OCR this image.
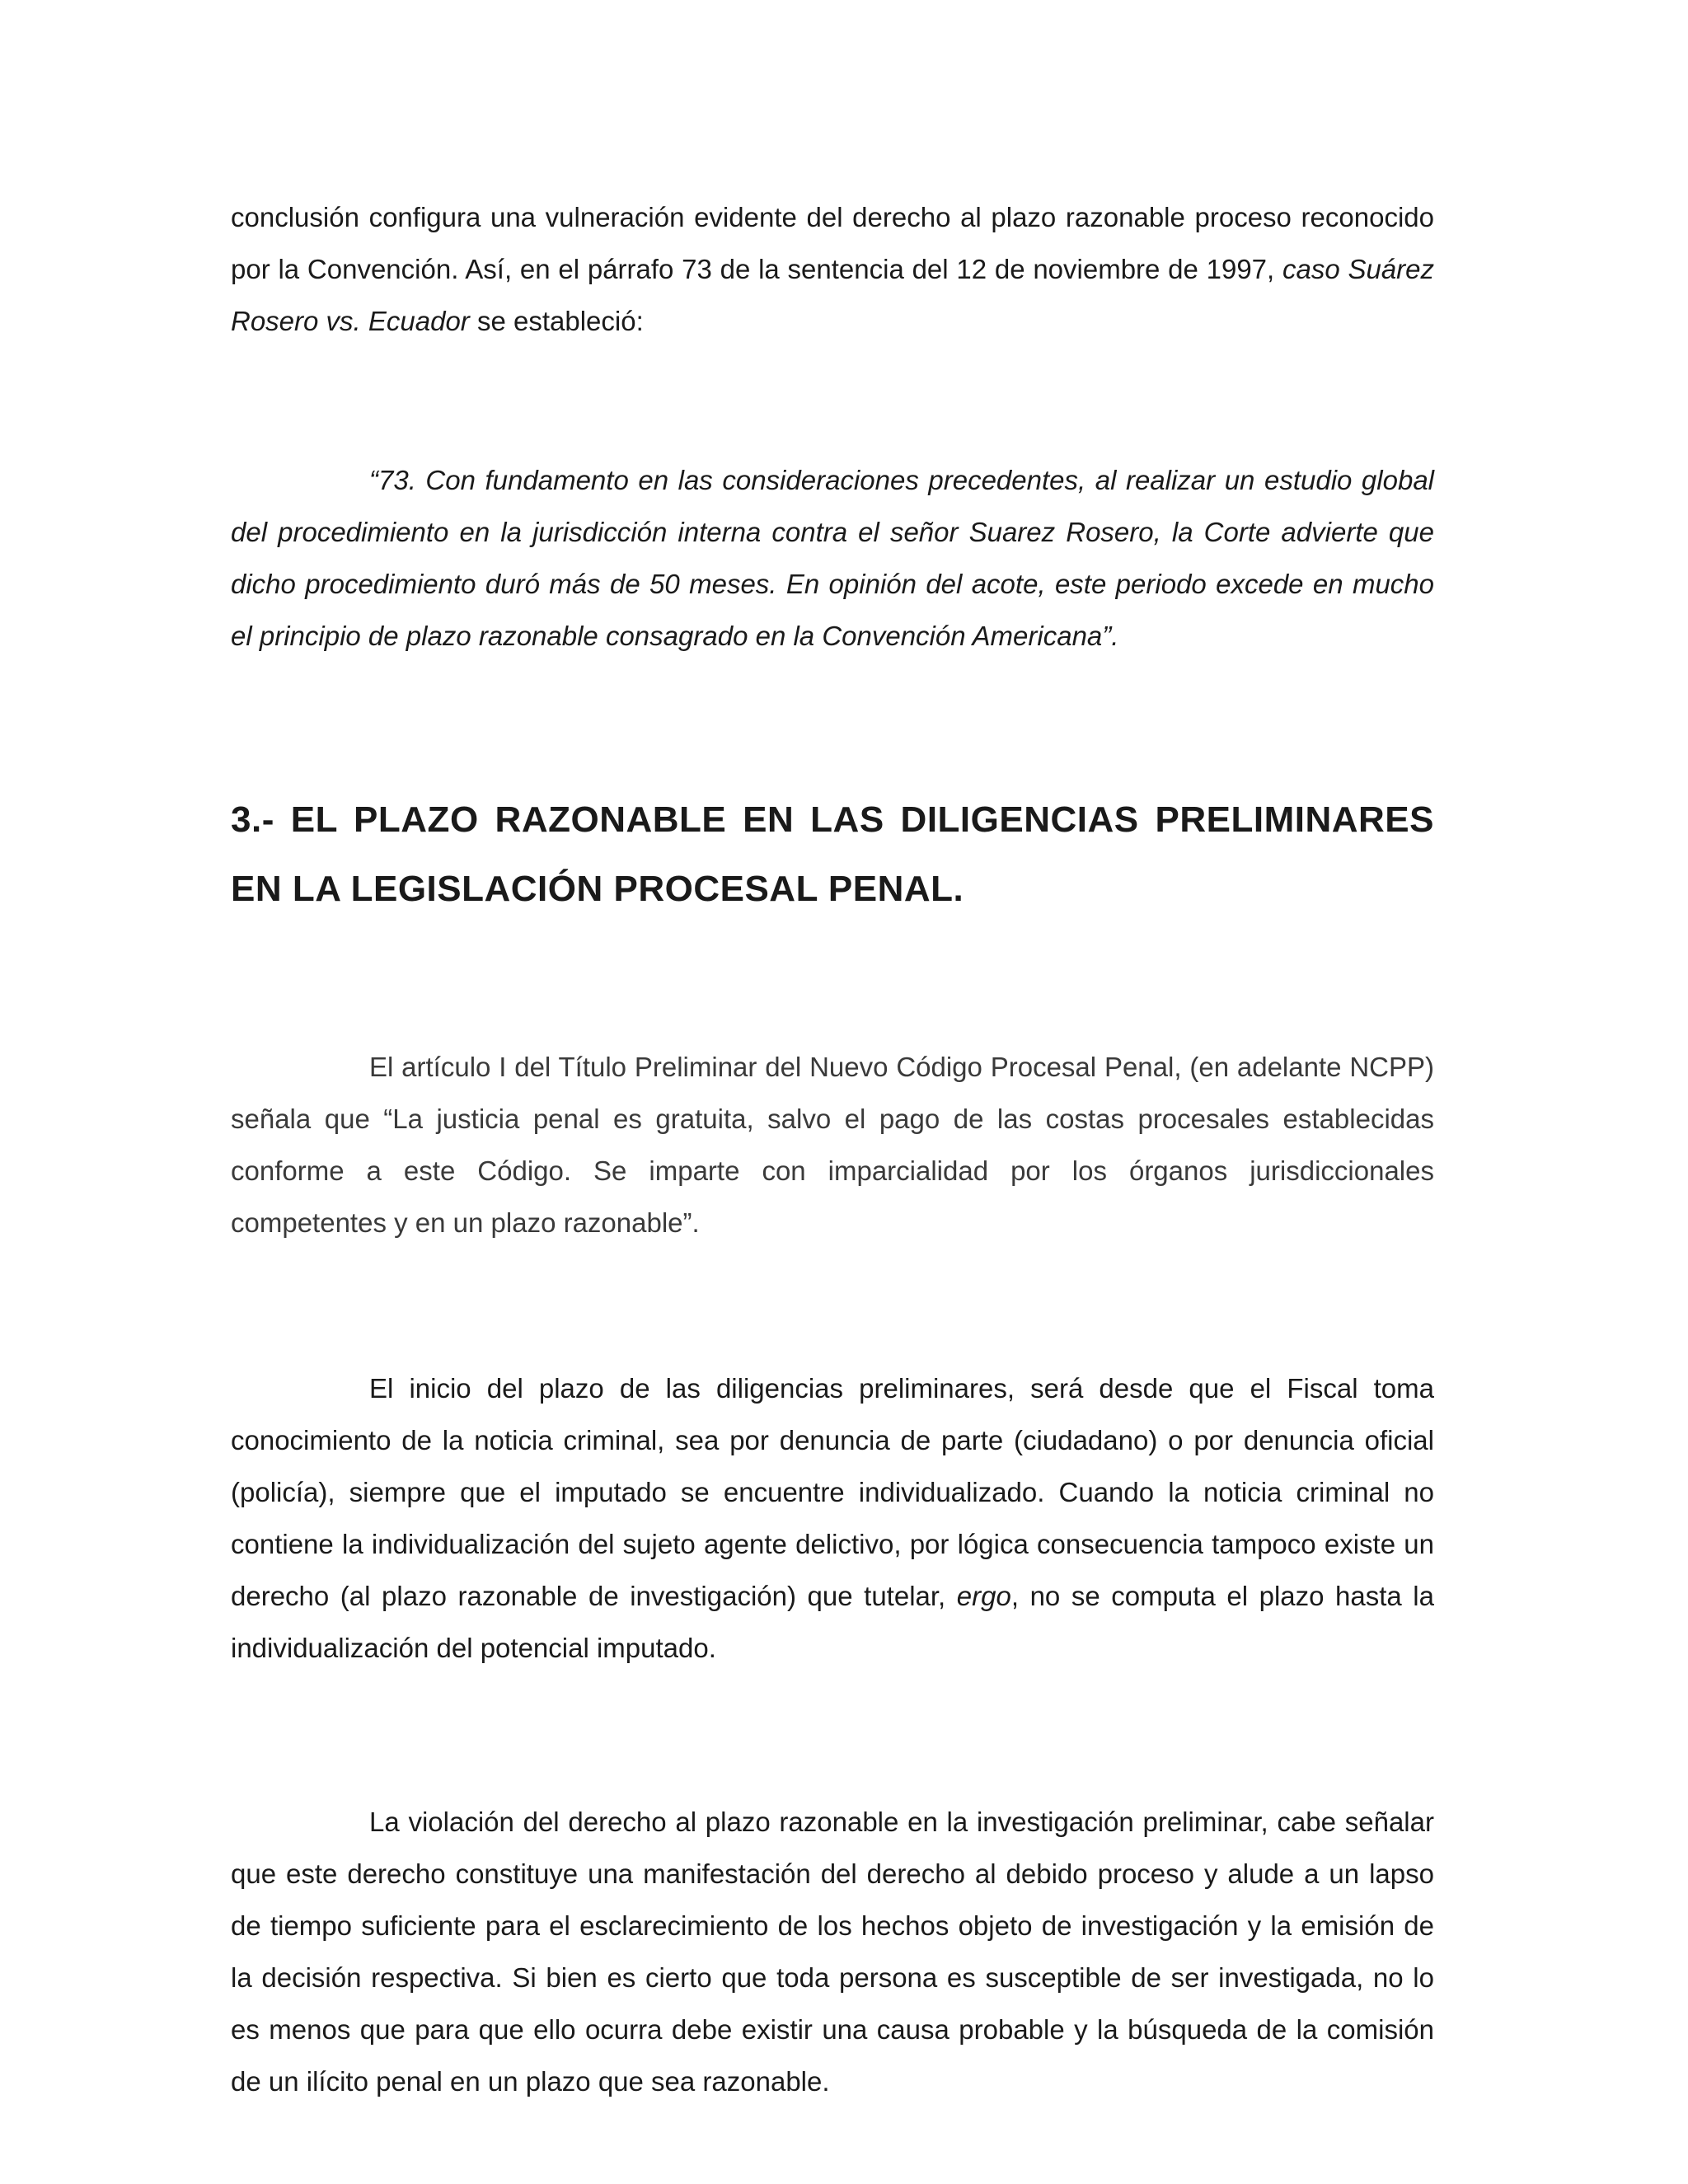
conclusión configura una vulneración evidente del derecho al plazo razonable proceso reconocido por la Convención. Así, en el párrafo 73 de la sentencia del 12 de noviembre de 1997, caso Suárez Rosero vs. Ecuador se estableció:

“73. Con fundamento en las consideraciones precedentes, al realizar un estudio global del procedimiento en la jurisdicción interna contra el señor Suarez Rosero, la Corte advierte que dicho procedimiento duró más de 50 meses. En opinión del acote, este periodo excede en mucho el principio de plazo razonable consagrado en la Convención Americana”.

3.- EL PLAZO RAZONABLE EN LAS DILIGENCIAS PRELIMINARES EN LA LEGISLACIÓN PROCESAL PENAL.

El artículo I del Título Preliminar del Nuevo Código Procesal Penal, (en adelante NCPP) señala que “La justicia penal es gratuita, salvo el pago de las costas procesales establecidas conforme a este Código. Se imparte con imparcialidad por los órganos jurisdiccionales competentes y en un plazo razonable”.

El inicio del plazo de las diligencias preliminares, será desde que el Fiscal toma conocimiento de la noticia criminal, sea por denuncia de parte (ciudadano) o por denuncia oficial (policía), siempre que el imputado se encuentre individualizado. Cuando la noticia criminal no contiene la individualización del sujeto agente delictivo, por lógica consecuencia tampoco existe un derecho (al plazo razonable de investigación) que tutelar, ergo, no se computa el plazo hasta la individualización del potencial imputado.

La violación del derecho al plazo razonable en la investigación preliminar, cabe señalar que este derecho constituye una manifestación del derecho al debido proceso y alude a un lapso de tiempo suficiente para el esclarecimiento de los hechos objeto de investigación y la emisión de la decisión respectiva. Si bien es cierto que toda persona es susceptible de ser investigada, no lo es menos que para que ello ocurra debe existir una causa probable y la búsqueda de la comisión de un ilícito penal en un plazo que sea razonable.
